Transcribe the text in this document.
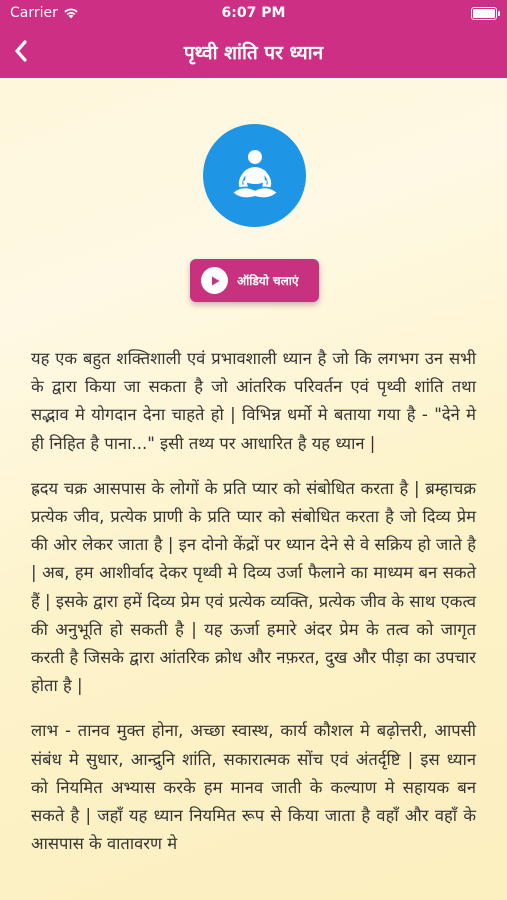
Carrier	6:07 PM
पृथ्वी शांति पर ध्यान
ऑडियो चलाएं

यह एक बहुत शक्तिशाली एवं प्रभावशाली ध्यान है जो कि लगभग उन सभी के द्वारा किया जा सकता है जो आंतरिक परिवर्तन एवं पृथ्वी शांति तथा सद्भाव मे योगदान देना चाहते हो | विभिन्न धर्मो मे बताया गया है - "देने मे ही निहित है पाना..." इसी तथ्य पर आधारित है यह ध्यान |

ह्रदय चक्र आसपास के लोगों के प्रति प्यार को संबोधित करता है | ब्रम्हाचक्र प्रत्येक जीव, प्रत्येक प्राणी के प्रति प्यार को संबोधित करता है जो दिव्य प्रेम की ओर लेकर जाता है | इन दोनो केंद्रों पर ध्यान देने से वे सक्रिय हो जाते है | अब, हम आशीर्वाद देकर पृथ्वी मे दिव्य उर्जा फैलाने का माध्यम बन सकते हैं | इसके द्वारा हमें दिव्य प्रेम एवं प्रत्येक व्यक्ति, प्रत्येक जीव के साथ एकत्व की अनुभूति हो सकती है | यह ऊर्जा हमारे अंदर प्रेम के तत्व को जागृत करती है जिसके द्वारा आंतरिक क्रोध और नफ़रत, दुख और पीड़ा का उपचार होता है |

लाभ - तानव मुक्त होना, अच्छा स्वास्थ, कार्य कौशल मे बढ़ोत्तरी, आपसी संबंध मे सुधार, आन्द्रुनि शांति, सकारात्मक सोंच एवं अंतर्दृष्टि | इस ध्यान को नियमित अभ्यास करके हम मानव जाती के कल्याण मे सहायक बन सकते है | जहाँ यह ध्यान नियमित रूप से किया जाता है वहाँ और वहाँ के आसपास के वातावरण मे
